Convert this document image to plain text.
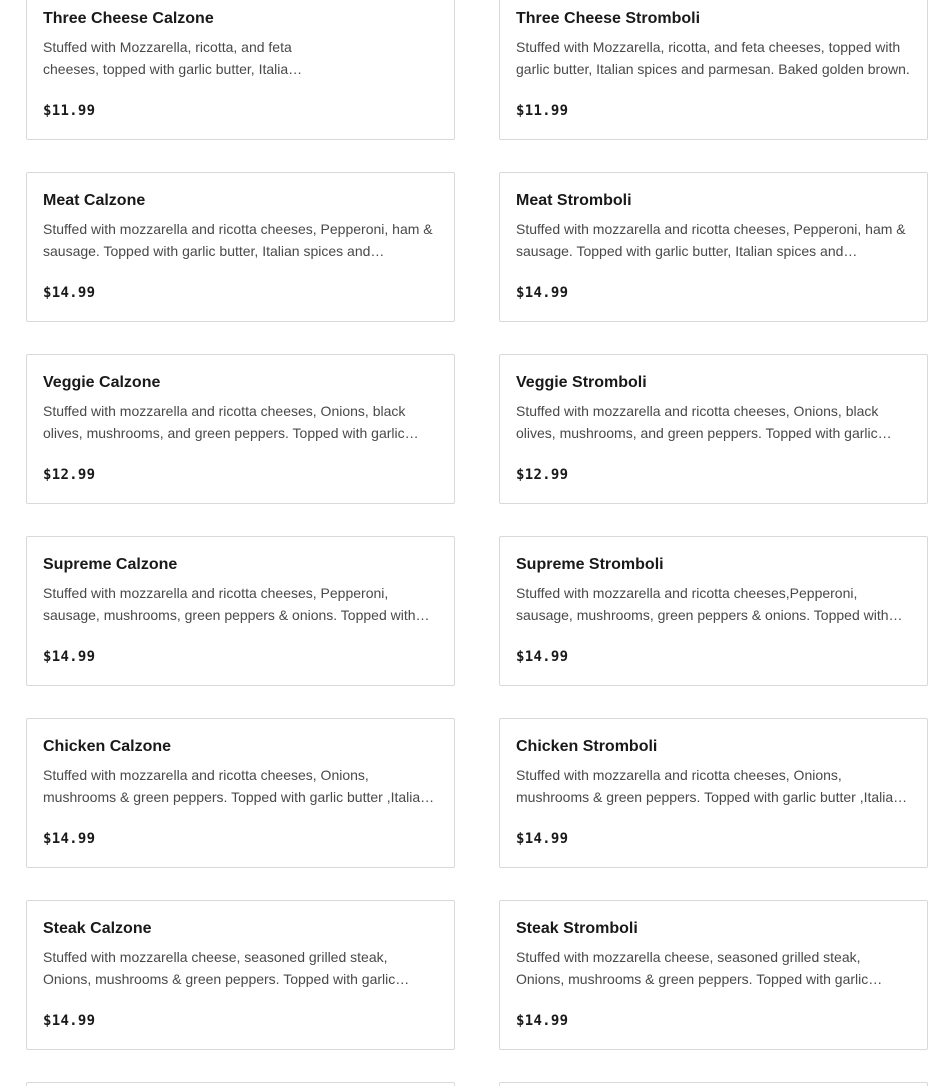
Three Cheese Calzone
Stuffed with Mozzarella, ricotta, and feta cheeses, topped with garlic butter, Italian
$11.99
Three Cheese Stromboli
Stuffed with Mozzarella, ricotta, and feta cheeses, topped with garlic butter, Italian spices and parmesan. Baked golden brown.
$11.99
Meat Calzone
Stuffed with mozzarella and ricotta cheeses, Pepperoni, ham & sausage. Topped with garlic butter, Italian spices and
$14.99
Meat Stromboli
Stuffed with mozzarella and ricotta cheeses, Pepperoni, ham & sausage. Topped with garlic butter, Italian spices and
$14.99
Veggie Calzone
Stuffed with mozzarella and ricotta cheeses, Onions, black olives, mushrooms, and green peppers. Topped with garlic
$12.99
Veggie Stromboli
Stuffed with mozzarella and ricotta cheeses, Onions, black olives, mushrooms, and green peppers. Topped with garlic
$12.99
Supreme Calzone
Stuffed with mozzarella and ricotta cheeses, Pepperoni, sausage, mushrooms, green peppers & onions. Topped with
$14.99
Supreme Stromboli
Stuffed with mozzarella and ricotta cheeses,Pepperoni, sausage, mushrooms, green peppers & onions. Topped with
$14.99
Chicken Calzone
Stuffed with mozzarella and ricotta cheeses, Onions, mushrooms & green peppers. Topped with garlic butter ,Italian
$14.99
Chicken Stromboli
Stuffed with mozzarella and ricotta cheeses, Onions, mushrooms & green peppers. Topped with garlic butter ,Italian
$14.99
Steak Calzone
Stuffed with mozzarella cheese, seasoned grilled steak, Onions, mushrooms & green peppers. Topped with garlic
$14.99
Steak Stromboli
Stuffed with mozzarella cheese, seasoned grilled steak, Onions, mushrooms & green peppers. Topped with garlic
$14.99
